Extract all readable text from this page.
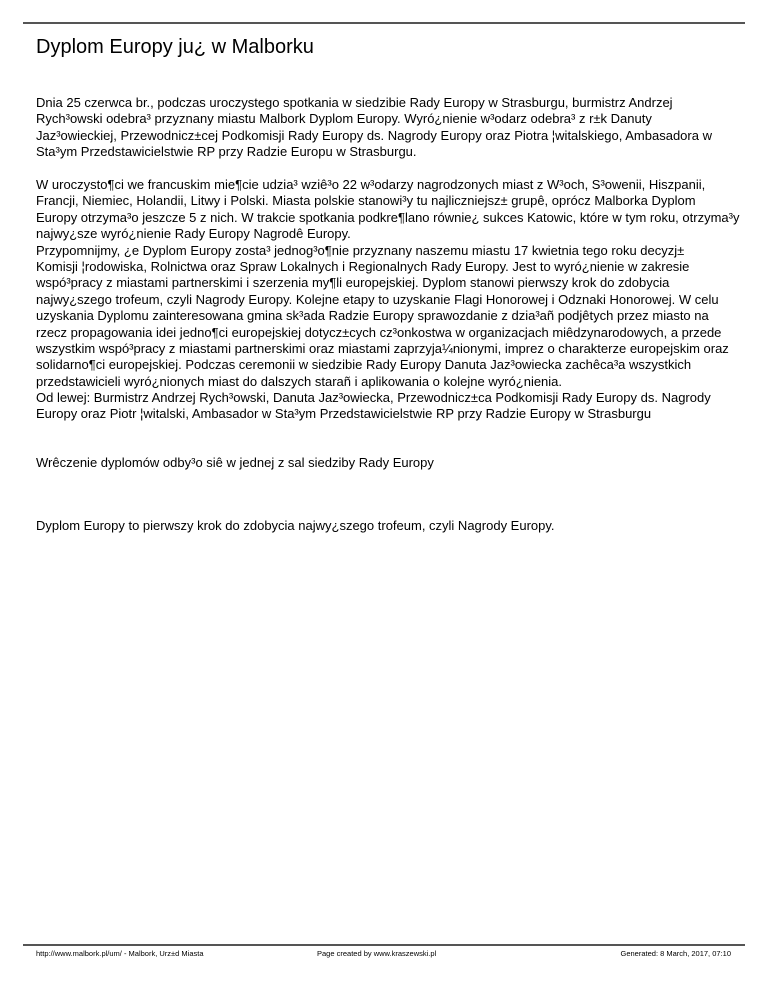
Dyplom Europy ju¿ w Malborku
Dnia 25 czerwca br., podczas uroczystego spotkania w siedzibie Rady Europy w Strasburgu, burmistrz Andrzej
Rych³owski odebra³ przyznany miastu Malbork Dyplom Europy. Wyró¿nienie w³odarz odebra³ z r±k Danuty
Jaz³owieckiej, Przewodnicz±cej Podkomisji Rady Europy ds. Nagrody Europy oraz Piotra ¦witalskiego, Ambasadora w
Sta³ym Przedstawicielstwie RP przy Radzie Europu w Strasburgu.
W uroczysto¶ci we francuskim mie¶cie udzia³ wziê³o 22 w³odarzy nagrodzonych miast z W³och, S³owenii, Hiszpanii,
Francji, Niemiec, Holandii, Litwy i Polski. Miasta polskie stanowi³y tu najliczniejsz± grupê, oprócz Malborka Dyplom
Europy otrzyma³o jeszcze 5 z nich. W trakcie spotkania podkre¶lano równie¿ sukces Katowic, które w tym roku, otrzyma³y
najwy¿sze wyró¿nienie Rady Europy Nagrodê Europy.
Przypomnijmy, ¿e Dyplom Europy zosta³ jednog³o¶nie przyznany naszemu miastu 17 kwietnia tego roku decyzj±
Komisji ¦rodowiska, Rolnictwa oraz Spraw Lokalnych i Regionalnych Rady Europy. Jest to wyró¿nienie w zakresie
wspó³pracy z miastami partnerskimi i szerzenia my¶li europejskiej. Dyplom stanowi pierwszy krok do zdobycia
najwy¿szego trofeum, czyli Nagrody Europy. Kolejne etapy to uzyskanie Flagi Honorowej i Odznaki Honorowej. W celu
uzyskania Dyplomu zainteresowana gmina sk³ada Radzie Europy sprawozdanie z dzia³añ podjêtych przez miasto na
rzecz propagowania idei jedno¶ci europejskiej dotycz±cych cz³onkostwa w organizacjach miêdzynarodowych, a przede
wszystkim wspó³pracy z miastami partnerskimi oraz miastami zaprzyja¼nionymi, imprez o charakterze europejskim oraz
solidarno¶ci europejskiej. Podczas ceremonii w siedzibie Rady Europy Danuta Jaz³owiecka zachêca³a wszystkich
przedstawicieli wyró¿nionych miast do dalszych starañ i aplikowania o kolejne wyró¿nienia.
Od lewej: Burmistrz Andrzej Rych³owski, Danuta Jaz³owiecka, Przewodnicz±ca Podkomisji Rady Europy ds. Nagrody
Europy oraz Piotr ¦witalski, Ambasador w Sta³ym Przedstawicielstwie RP przy Radzie Europy w Strasburgu
Wrêczenie dyplomów odby³o siê w jednej z sal siedziby Rady Europy
Dyplom Europy to pierwszy krok do zdobycia najwy¿szego trofeum, czyli Nagrody Europy.
http://www.malbork.pl/um/ - Malbork, Urz±d Miasta	Page created by www.kraszewski.pl	Generated: 8 March, 2017, 07:10
